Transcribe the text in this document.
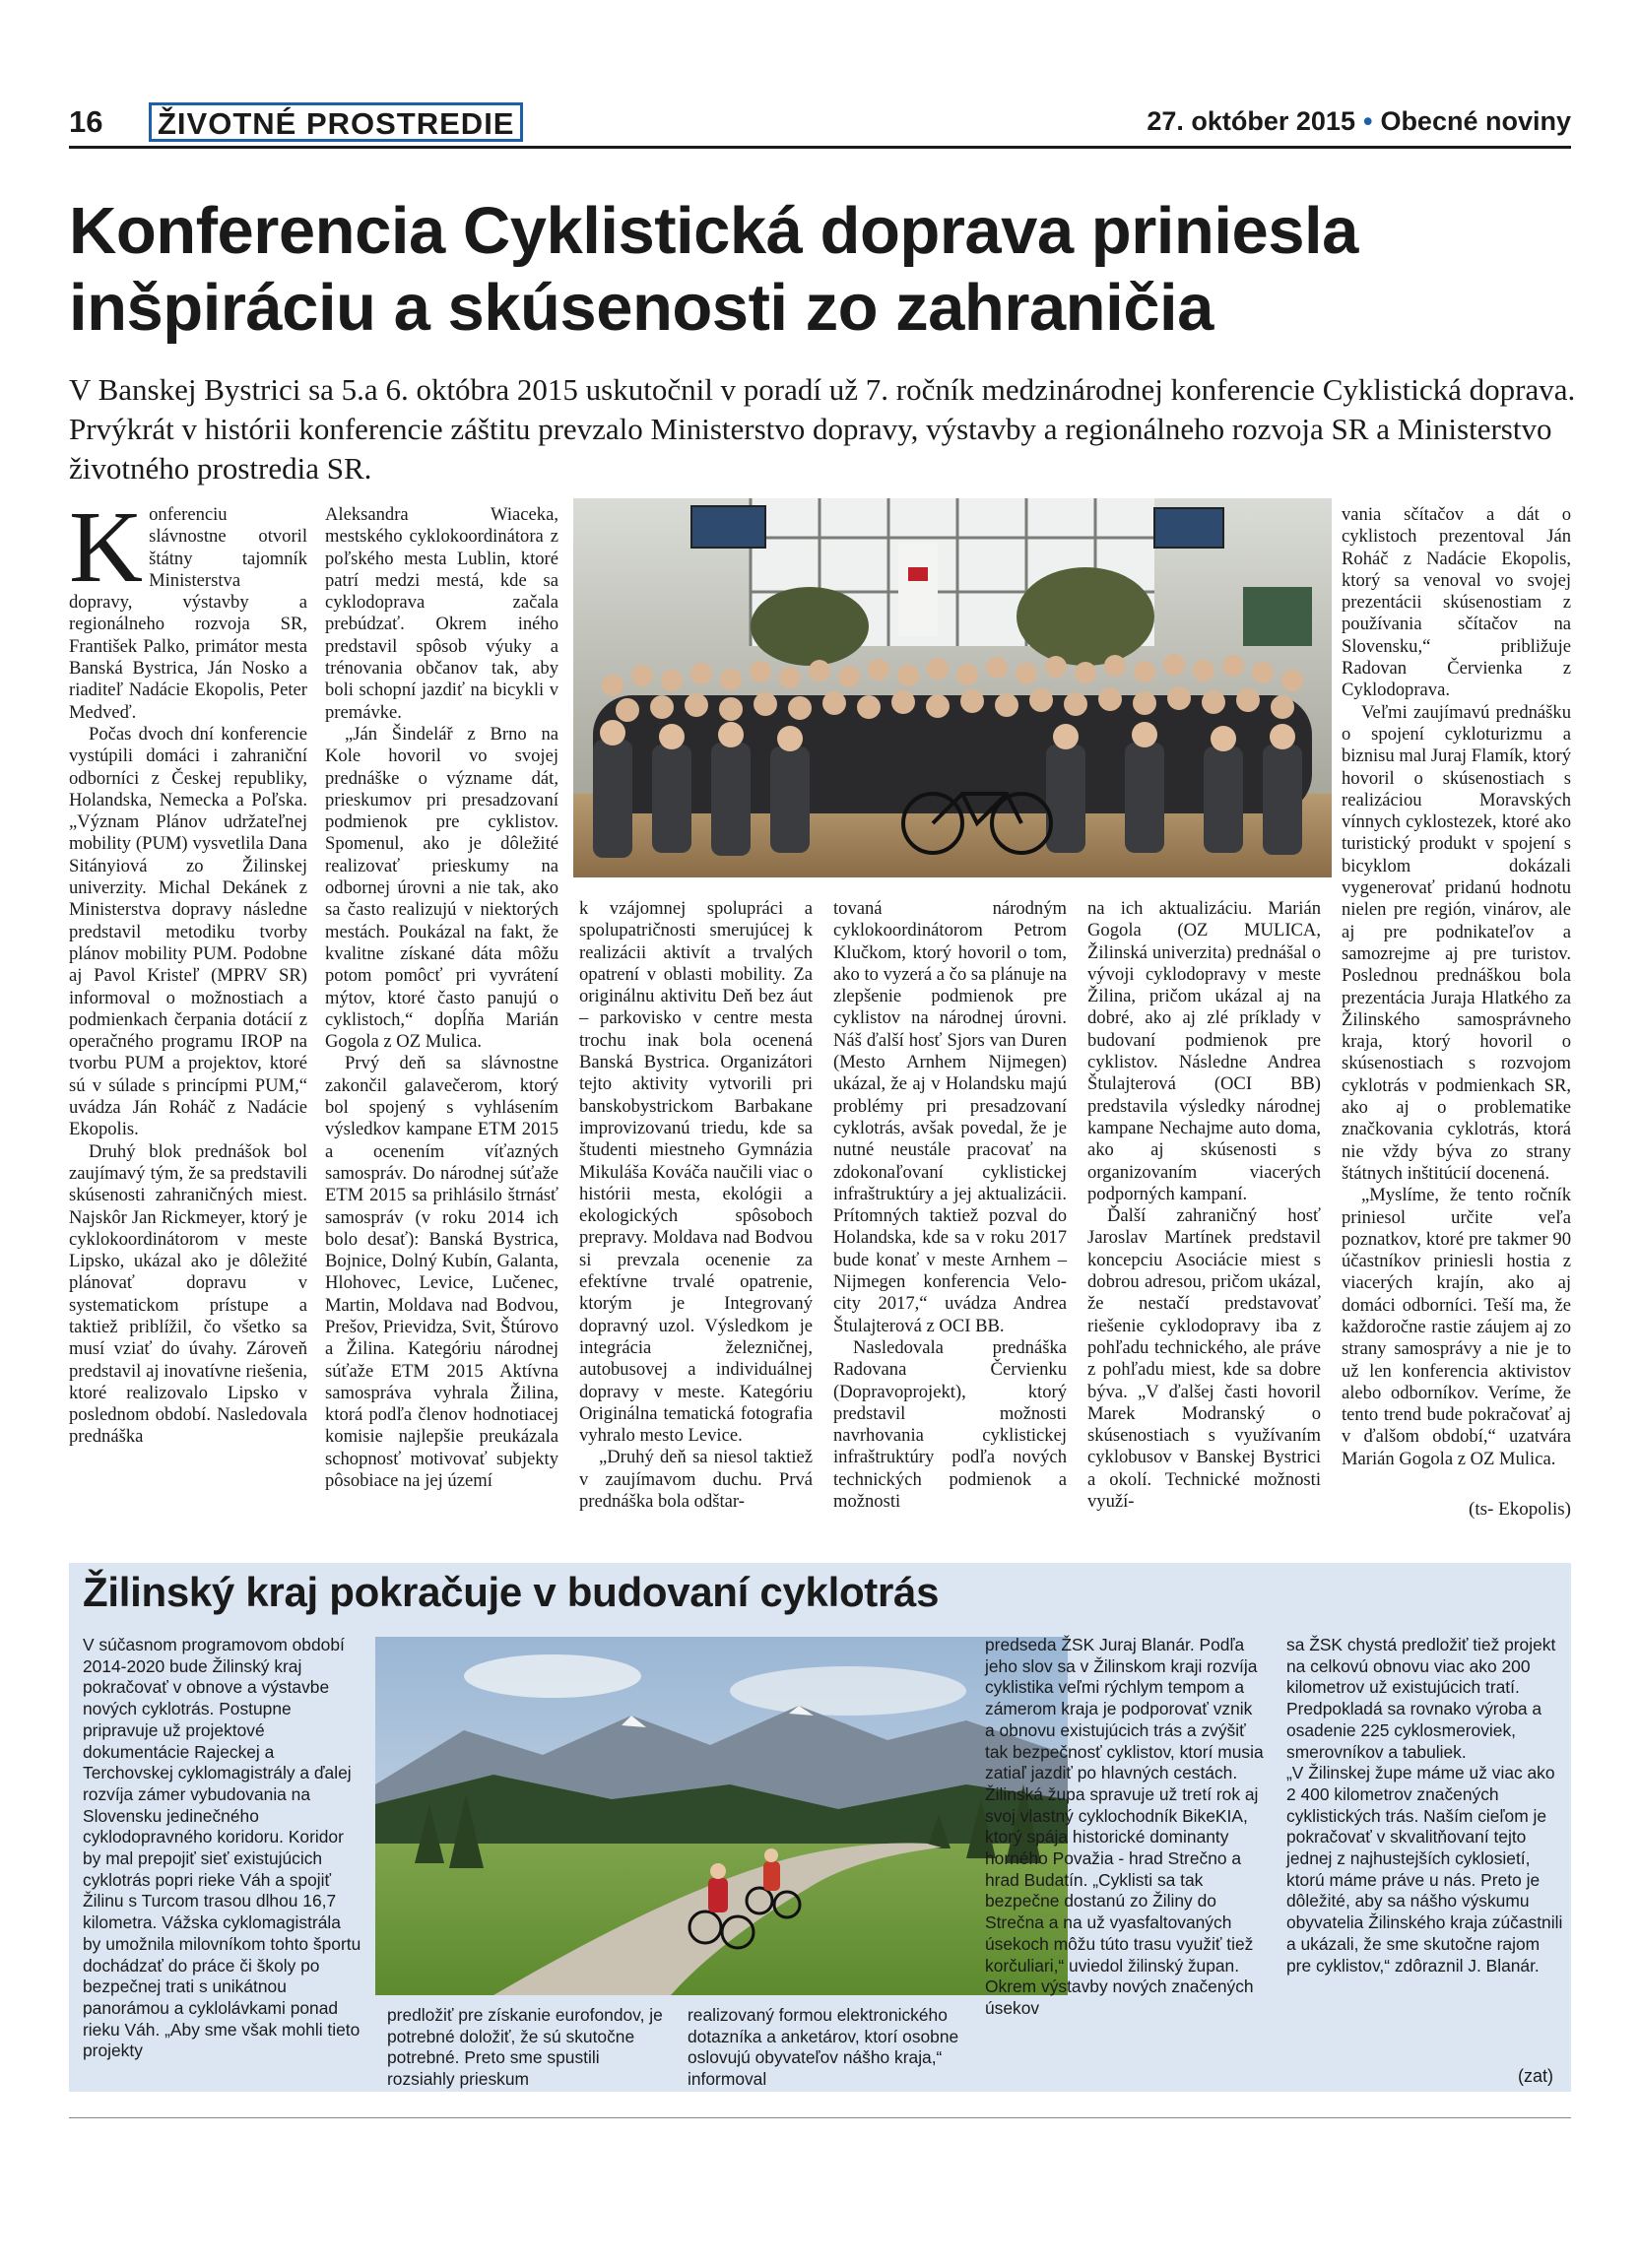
16 ŽIVOTNÉ PROSTREDIE	27. október 2015 • Obecné noviny
Konferencia Cyklistická doprava priniesla
inšpiráciu a skúsenosti zo zahraničia
V Banskej Bystrici sa 5.a 6. októbra 2015 uskutočnil v poradí už 7. ročník medzinárodnej konferencie Cyklistická doprava. Prvýkrát v histórii konferencie záštitu prevzalo Ministerstvo dopravy, výstavby a regionálneho rozvoja SR a Ministerstvo životného prostredia SR.

Konferenciu slávnostne otvoril štátny tajomník Ministerstva dopravy, výstavby a regionálneho rozvoja SR, František Palko, primátor mesta Banská Bystrica, Ján Nosko a riaditeľ Nadácie Ekopolis, Peter Medveď.

Počas dvoch dní konferencie vystúpili domáci i zahraniční odborníci z Českej republiky, Holandska, Nemecka a Poľska. „Význam Plánov udržateľnej mobility (PUM) vysvetlila Dana Sitányiová zo Žilinskej univerzity. Michal Dekánek z Ministerstva dopravy následne predstavil metodiku tvorby plánov mobility PUM. Podobne aj Pavol Kristeľ (MPRV SR) informoval o možnostiach a podmienkach čerpania dotácií z operačného programu IROP na tvorbu PUM a projektov, ktoré sú v súlade s princípmi PUM,“ uvádza Ján Roháč z Nadácie Ekopolis.

Druhý blok prednášok bol zaujímavý tým, že sa predstavili skúsenosti zahraničných miest. Najskôr Jan Rickmeyer, ktorý je cyklokoordinátorom v meste Lipsko, ukázal ako je dôležité plánovať dopravu v systematickom prístupe a taktiež priblížil, čo všetko sa musí vziať do úvahy. Zároveň predstavil aj inovatívne riešenia, ktoré realizovalo Lipsko v poslednom období. Nasledovala prednáška

Aleksandra Wiaceka, mestského cyklokoordinátora z poľského mesta Lublin, ktoré patrí medzi mestá, kde sa cyklodoprava začala prebúdzať. Okrem iného predstavil spôsob výuky a trénovania občanov tak, aby boli schopní jazdiť na bicykli v premávke.

„Ján Šindelář z Brno na Kole hovoril vo svojej prednáške o význame dát, prieskumov pri presadzovaní podmienok pre cyklistov. Spomenul, ako je dôležité realizovať prieskumy na odbornej úrovni a nie tak, ako sa často realizujú v niektorých mestách. Poukázal na fakt, že kvalitne získané dáta môžu potom pomôcť pri vyvrátení mýtov, ktoré často panujú o cyklistoch,“ dopĺňa Marián Gogola z OZ Mulica.

Prvý deň sa slávnostne zakončil galavečerom, ktorý bol spojený s vyhlásením výsledkov kampane ETM 2015 a ocenením víťazných samospráv. Do národnej súťaže ETM 2015 sa prihlásilo štrnásť samospráv (v roku 2014 ich bolo desať): Banská Bystrica, Bojnice, Dolný Kubín, Galanta, Hlohovec, Levice, Lučenec, Martin, Moldava nad Bodvou, Prešov, Prievidza, Svit, Štúrovo a Žilina. Kategóriu národnej súťaže ETM 2015 Aktívna samospráva vyhrala Žilina, ktorá podľa členov hodnotiacej komisie najlepšie preukázala schopnosť motivovať subjekty pôsobiace na jej území

k vzájomnej spolupráci a spolupatričnosti smerujúcej k realizácii aktivít a trvalých opatrení v oblasti mobility. Za originálnu aktivitu Deň bez áut – parkovisko v centre mesta trochu inak bola ocenená Banská Bystrica. Organizátori tejto aktivity vytvorili pri banskobystrickom Barbakane improvizovanú triedu, kde sa študenti miestneho Gymnázia Mikuláša Kováča naučili viac o histórii mesta, ekológii a ekologických spôsoboch prepravy. Moldava nad Bodvou si prevzala ocenenie za efektívne trvalé opatrenie, ktorým je Integrovaný dopravný uzol. Výsledkom je integrácia železničnej, autobusovej a individuálnej dopravy v meste. Kategóriu Originálna tematická fotografia vyhralo mesto Levice.

„Druhý deň sa niesol taktiež v zaujímavom duchu. Prvá prednáška bola odštar-

tovaná národným cyklokoordinátorom Petrom Klučkom, ktorý hovoril o tom, ako to vyzerá a čo sa plánuje na zlepšenie podmienok pre cyklistov na národnej úrovni. Náš ďalší hosť Sjors van Duren (Mesto Arnhem Nijmegen) ukázal, že aj v Holandsku majú problémy pri presadzovaní cyklotrás, avšak povedal, že je nutné neustále pracovať na zdokonaľovaní cyklistickej infraštruktúry a jej aktualizácii. Prítomných taktiež pozval do Holandska, kde sa v roku 2017 bude konať v meste Arnhem – Nijmegen konferencia Velo-city 2017,“ uvádza Andrea Štulajterová z OCI BB.

Nasledovala prednáška Radovana Červienku (Dopravoprojekt), ktorý predstavil možnosti navrhovania cyklistickej infraštruktúry podľa nových technických podmienok a možnosti

na ich aktualizáciu. Marián Gogola (OZ MULICA, Žilinská univerzita) prednášal o vývoji cyklodopravy v meste Žilina, pričom ukázal aj na dobré, ako aj zlé príklady v budovaní podmienok pre cyklistov. Následne Andrea Štulajterová (OCI BB) predstavila výsledky národnej kampane Nechajme auto doma, ako aj skúsenosti s organizovaním viacerých podporných kampaní.

Ďalší zahraničný hosť Jaroslav Martínek predstavil koncepciu Asociácie miest s dobrou adresou, pričom ukázal, že nestačí predstavovať riešenie cyklodopravy iba z pohľadu technického, ale práve z pohľadu miest, kde sa dobre býva. „V ďalšej časti hovoril Marek Modranský o skúsenostiach s využívaním cyklobusov v Banskej Bystrici a okolí. Technické možnosti využí-

vania sčítačov a dát o cyklistoch prezentoval Ján Roháč z Nadácie Ekopolis, ktorý sa venoval vo svojej prezentácii skúsenostiam z používania sčítačov na Slovensku,“ približuje Radovan Červienka z Cyklodoprava.

Veľmi zaujímavú prednášku o spojení cykloturizmu a biznisu mal Juraj Flamík, ktorý hovoril o skúsenostiach s realizáciou Moravských vínnych cyklostezek, ktoré ako turistický produkt v spojení s bicyklom dokázali vygenerovať pridanú hodnotu nielen pre región, vinárov, ale aj pre podnikateľov a samozrejme aj pre turistov. Poslednou prednáškou bola prezentácia Juraja Hlatkého za Žilinského samosprávneho kraja, ktorý hovoril o skúsenostiach s rozvojom cyklotrás v podmienkach SR, ako aj o problematike značkovania cyklotrás, ktorá nie vždy býva zo strany štátnych inštitúcií docenená.

„Myslíme, že tento ročník priniesol určite veľa poznatkov, ktoré pre takmer 90 účastníkov priniesli hostia z viacerých krajín, ako aj domáci odborníci. Teší ma, že každoročne rastie záujem aj zo strany samosprávy a nie je to už len konferencia aktivistov alebo odborníkov. Veríme, že tento trend bude pokračovať aj v ďalšom období,“ uzatvára Marián Gogola z OZ Mulica.

(ts- Ekopolis)
Žilinský kraj pokračuje v budovaní cyklotrás

V súčasnom programovom období 2014-2020 bude Žilinský kraj pokračovať v obnove a výstavbe nových cyklotrás. Postupne pripravuje už projektové dokumentácie Rajeckej a Terchovskej cyklomagistrály a ďalej rozvíja zámer vybudovania na Slovensku jedinečného cyklodopravného koridoru. Koridor by mal prepojiť sieť existujúcich cyklotrás popri rieke Váh a spojiť Žilinu s Turcom trasou dlhou 16,7 kilometra. Vážska cyklomagistrála by umožnila milovníkom tohto športu dochádzať do práce či školy po bezpečnej trati s unikátnou panorámou a cyklolávkami ponad rieku Váh. „Aby sme však mohli tieto projekty

predložiť pre získanie eurofondov, je potrebné doložiť, že sú skutočne potrebné. Preto sme spustili rozsiahly prieskum

realizovaný formou elektronického dotazníka a anketárov, ktorí osobne oslovujú obyvateľov nášho kraja,“ informoval

predseda ŽSK Juraj Blanár. Podľa jeho slov sa v Žilinskom kraji rozvíja cyklistika veľmi rýchlym tempom a zámerom kraja je podporovať vznik a obnovu existujúcich trás a zvýšiť tak bezpečnosť cyklistov, ktorí musia zatiaľ jazdiť po hlavných cestách. Žilinská župa spravuje už tretí rok aj svoj vlastný cyklochodník BikeKIA, ktorý spája historické dominanty horného Považia - hrad Strečno a hrad Budatín. „Cyklisti sa tak bezpečne dostanú zo Žiliny do Strečna a na už vyasfaltovaných úsekoch môžu túto trasu využiť tiež korčuliari,“ uviedol žilinský župan. Okrem výstavby nových značených úsekov

sa ŽSK chystá predložiť tiež projekt na celkovú obnovu viac ako 200 kilometrov už existujúcich tratí. Predpokladá sa rovnako výroba a osadenie 225 cyklosmeroviek, smerovníkov a tabuliek.

„V Žilinskej župe máme už viac ako 2 400 kilometrov značených cyklistických trás. Naším cieľom je pokračovať v skvalitňovaní tejto jednej z najhustejších cyklosietí, ktorú máme práve u nás. Preto je dôležité, aby sa nášho výskumu obyvatelia Žilinského kraja zúčastnili a ukázali, že sme skutočne rajom pre cyklistov,“ zdôraznil J. Blanár.

(zat)
